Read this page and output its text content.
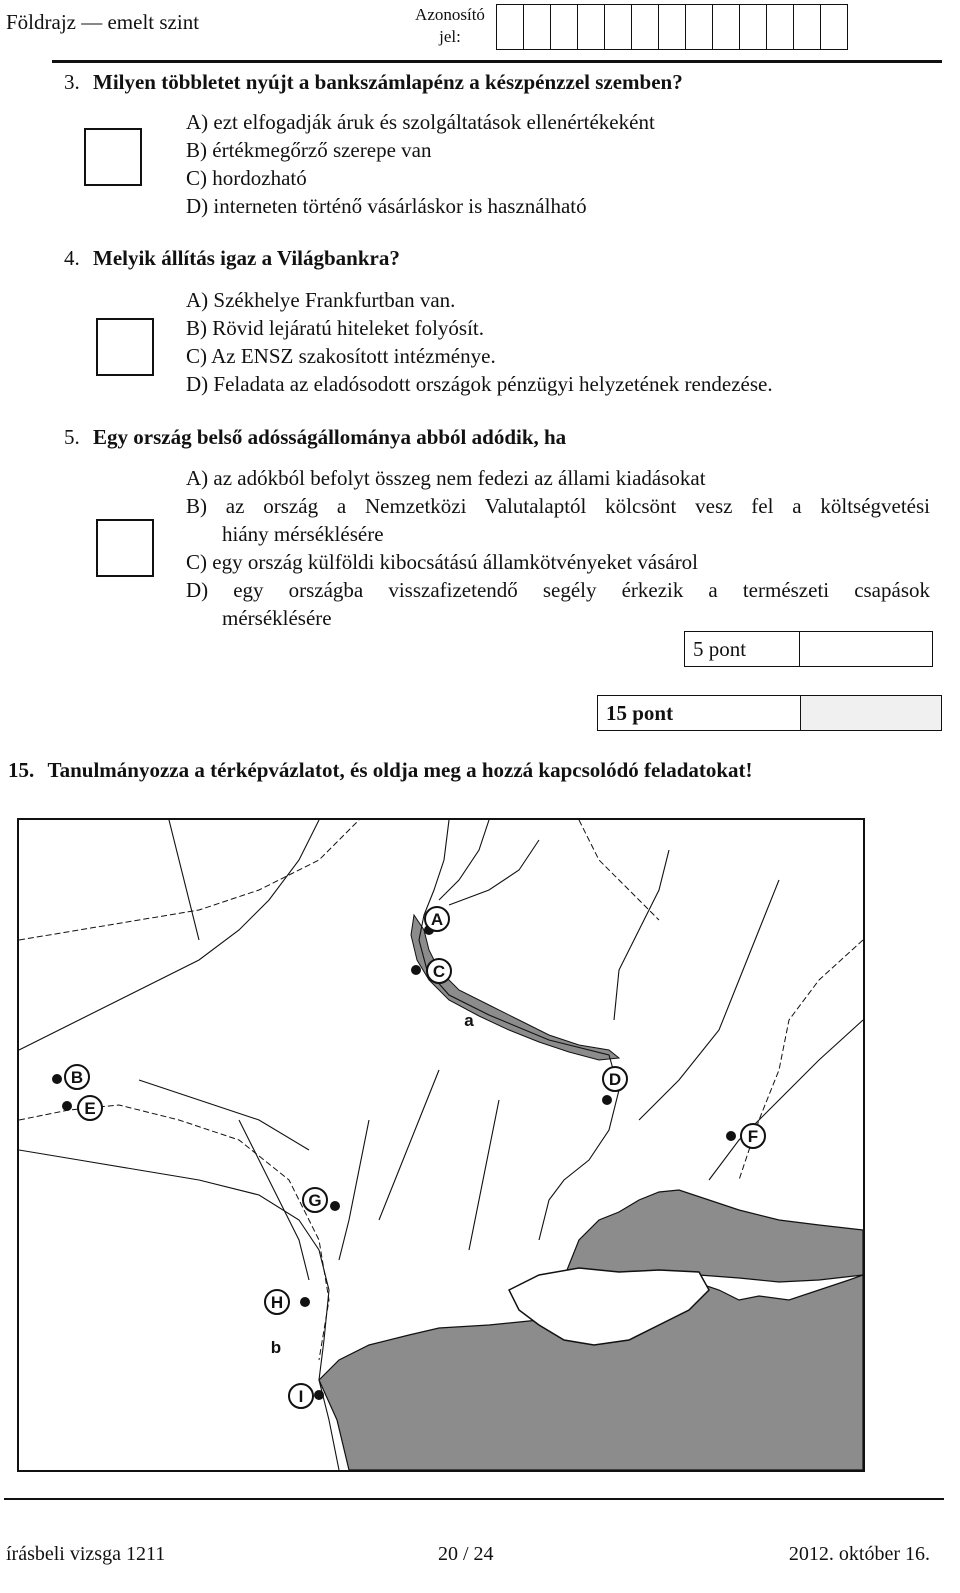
Földrajz — emelt szint	Azonosító
jel:
3. Milyen többletet nyújt a bankszámlapénz a készpénzzel szemben?
A) ezt elfogadják áruk és szolgáltatások ellenértékeként
B) értékmegőrző szerepe van
C) hordozható
D) interneten történő vásárláskor is használható
4. Melyik állítás igaz a Világbankra?
A) Székhelye Frankfurtban van.
B) Rövid lejáratú hiteleket folyósít.
C) Az ENSZ szakosított intézménye.
D) Feladata az eladósodott országok pénzügyi helyzetének rendezése.
5. Egy ország belső adósságállománya abból adódik, ha
A) az adókból befolyt összeg nem fedezi az állami kiadásokat
B) az ország a Nemzetközi Valutalaptól kölcsönt vesz fel a költségvetési
hiány mérséklésére
C) egy ország külföldi kibocsátású államkötvényeket vásárol
D) egy országba visszafizetendő segély érkezik a természeti csapások
mérséklésére
5 pont
15 pont
15. Tanulmányozza a térképvázlatot, és oldja meg a hozzá kapcsolódó feladatokat!
A
C
B
E
D
F
G
H
I
a
b
írásbeli vizsga 1211	20 / 24	2012. október 16.
